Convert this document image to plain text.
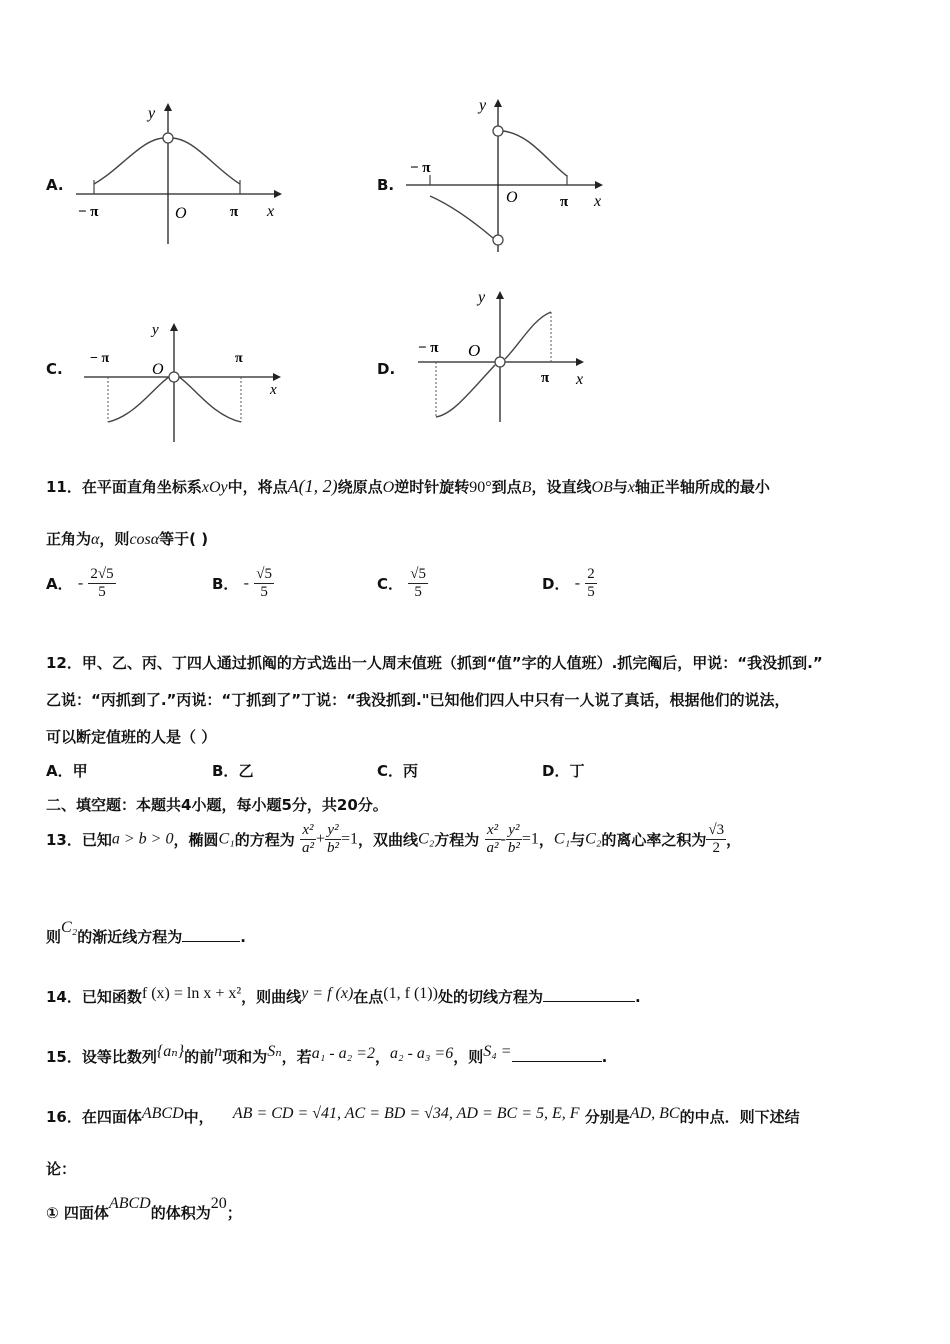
A.
y
x
O
− π	π
B.
y
x
O
− π
π
C.
y
x
O
− π	π
D.
y
x
O
− π
π
11．在平面直角坐标系xOy中，将点A(1, 2)绕原点O逆时针旋转90°到点B，设直线OB与x轴正半轴所成的最小
正角为α，则cosα等于( )
A． - $\frac{2√5}{5}$	B． - $\frac{√5}{5}$	C． $\frac{√5}{5}$	D． - $\frac{2}{5}$
12．甲、乙、丙、丁四人通过抓阄的方式选出一人周末值班（抓到“值”字的人值班）.抓完阄后，甲说：“我没抓到.”
乙说：“丙抓到了.”丙说：“丁抓到了”丁说：“我没抓到."已知他们四人中只有一人说了真话，根据他们的说法，
可以断定值班的人是（ ）
A．甲	B．乙	C．丙	D．丁
二、填空题：本题共4小题，每小题5分，共20分。
13．已知a > b > 0，椭圆C₁的方程为 $\frac{\text{x²}}{\text{a²}} + \frac{\text{y²}}{\text{b²}} =1$，双曲线C₂方程为 $\frac{\text{x²}}{\text{a²}} - \frac{\text{y²}}{\text{b²}} =1$，C₁与C₂的离心率之积为 $\frac{√3}{2}$ ，
则C₂的渐近线方程为	.
14．已知函数f (x) = ln x + x²，则曲线y = f (x)在点(1, f (1))处的切线方程为	.
15．设等比数列{aₙ}的前n项和为Sₙ，若a₁ - a₂ =2，a₂ - a₃ =6，则S₄ =	.
16．在四面体ABCD中， AB = CD = √41, AC = BD = √34, AD = BC = 5, E, F 分别是AD, BC的中点．则下述结
论：
① 四面体ABCD的体积为20；
